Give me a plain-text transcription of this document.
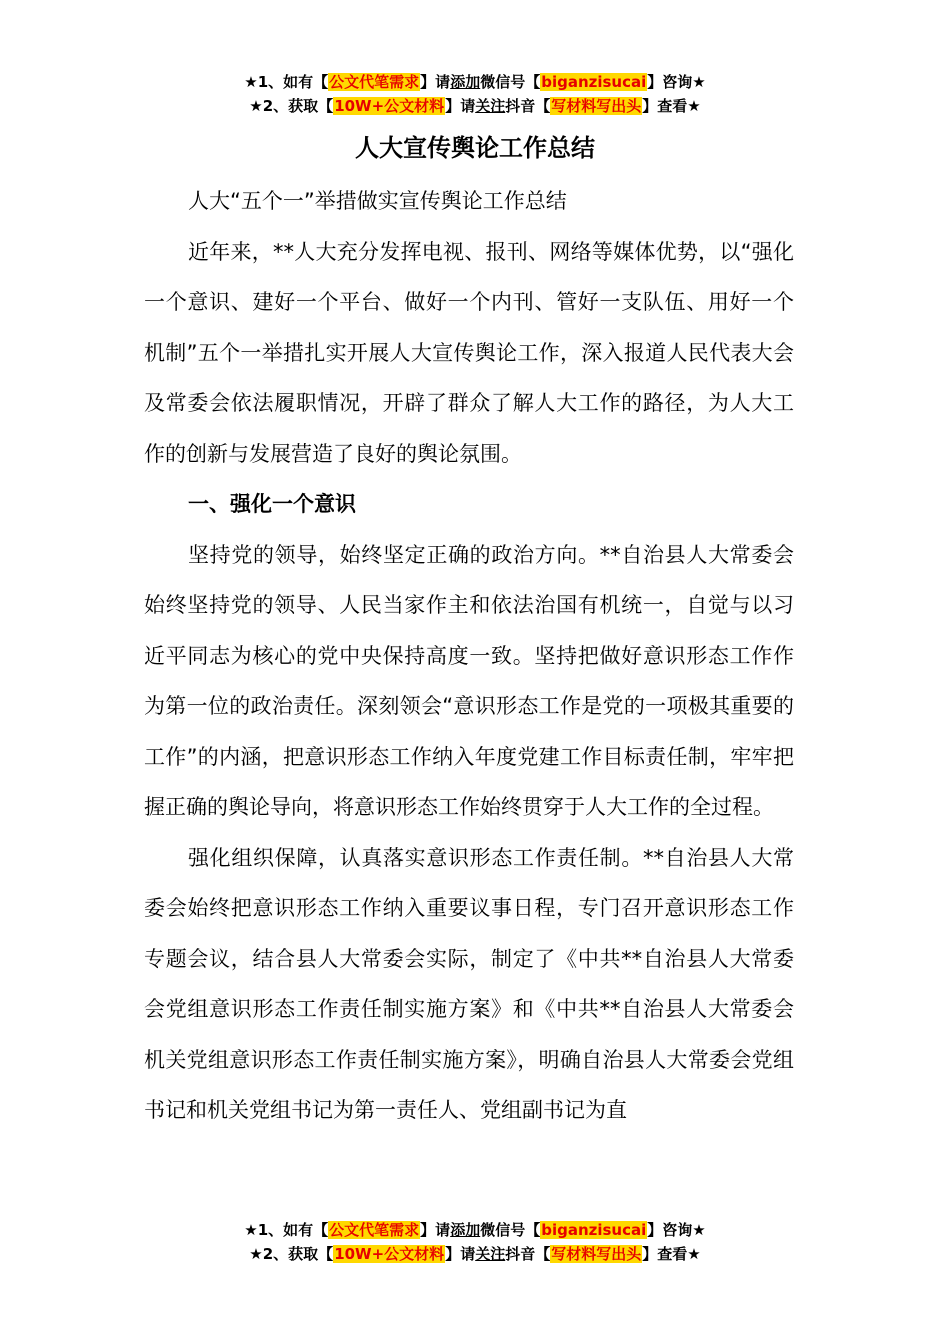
★1、如有【公文代笔需求】请添加微信号【biganzisucai】咨询★
★2、获取【10W+公文材料】请关注抖音【写材料写出头】查看★
人大宣传舆论工作总结

人大“五个一”举措做实宣传舆论工作总结

近年来，**人大充分发挥电视、报刊、网络等媒体优势，以“强化一个意识、建好一个平台、做好一个内刊、管好一支队伍、用好一个机制”五个一举措扎实开展人大宣传舆论工作，深入报道人民代表大会及常委会依法履职情况，开辟了群众了解人大工作的路径，为人大工作的创新与发展营造了良好的舆论氛围。

一、强化一个意识

坚持党的领导，始终坚定正确的政治方向。**自治县人大常委会始终坚持党的领导、人民当家作主和依法治国有机统一，自觉与以习近平同志为核心的党中央保持高度一致。坚持把做好意识形态工作作为第一位的政治责任。深刻领会“意识形态工作是党的一项极其重要的工作”的内涵，把意识形态工作纳入年度党建工作目标责任制，牢牢把握正确的舆论导向，将意识形态工作始终贯穿于人大工作的全过程。

强化组织保障，认真落实意识形态工作责任制。**自治县人大常委会始终把意识形态工作纳入重要议事日程，专门召开意识形态工作专题会议，结合县人大常委会实际，制定了《中共**自治县人大常委会党组意识形态工作责任制实施方案》和《中共**自治县人大常委会机关党组意识形态工作责任制实施方案》，明确自治县人大常委会党组书记和机关党组书记为第一责任人、党组副书记为直

★1、如有【公文代笔需求】请添加微信号【biganzisucai】咨询★
★2、获取【10W+公文材料】请关注抖音【写材料写出头】查看★
